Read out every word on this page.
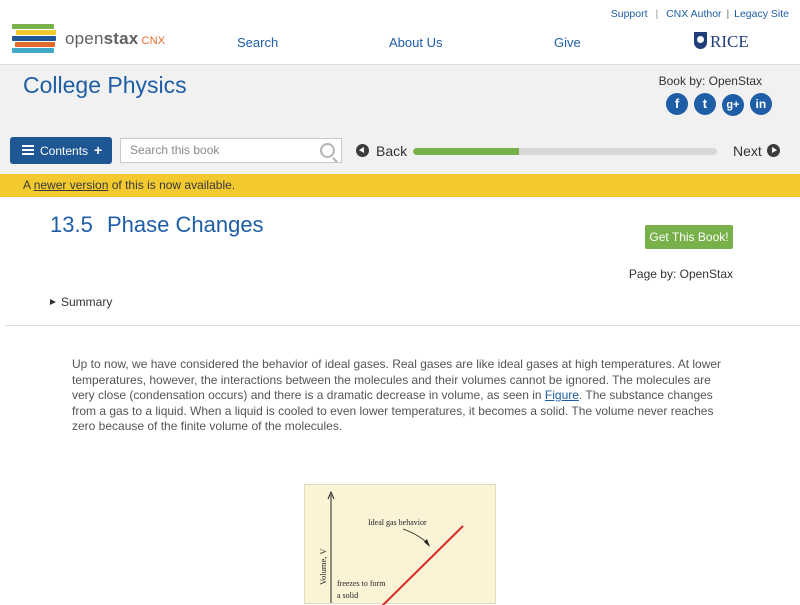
Support | CNX Author | Legacy Site
openstax CNX	Search	About Us	Give	RICE
College Physics	Book by: OpenStax
f t g+ in
Contents +	Search this book	Back	Next
A newer version of this is now available.
13.5 Phase Changes	Get This Book!
Page by: OpenStax
Summary
Up to now, we have considered the behavior of ideal gases. Real gases are like ideal gases at high temperatures. At lower temperatures, however, the interactions between the molecules and their volumes cannot be ignored. The molecules are very close (condensation occurs) and there is a dramatic decrease in volume, as seen in Figure. The substance changes from a gas to a liquid. When a liquid is cooled to even lower temperatures, it becomes a solid. The volume never reaches zero because of the finite volume of the molecules.
Volume, V
Ideal gas behavior
freezes to form
a solid
